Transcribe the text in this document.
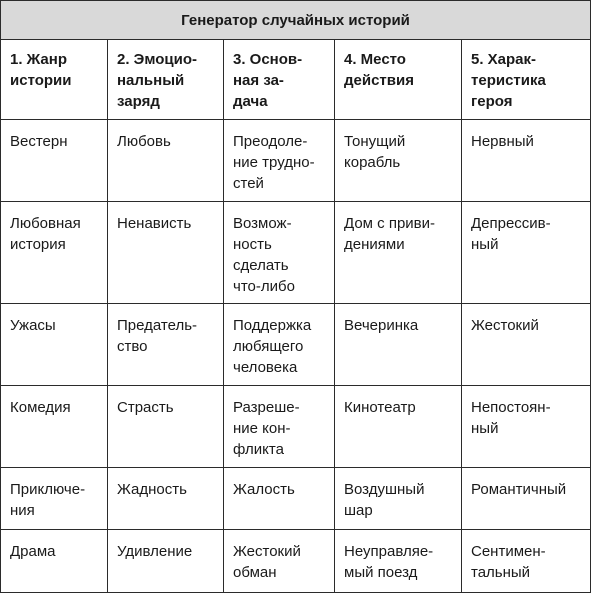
Генератор случайных историй				

1. Жанр
истории	2. Эмоцио-
нальный
заряд	3. Основ-
ная за-
дача	4. Место
действия	5. Харак-
теристика
героя

Вестерн	Любовь	Преодоле-
ние трудно-
стей	Тонущий
корабль	Нервный

Любовная
история	Ненависть	Возмож-
ность
сделать
что-либо	Дом с приви-
дениями	Депрессив-
ный

Ужасы	Предатель-
ство	Поддержка
любящего
человека	Вечеринка	Жестокий

Комедия	Страсть	Разреше-
ние кон-
фликта	Кинотеатр	Непостоян-
ный

Приключе-
ния	Жадность	Жалость	Воздушный
шар	Романтичный

Драма	Удивление	Жестокий
обман	Неуправляе-
мый поезд	Сентимен-
тальный
